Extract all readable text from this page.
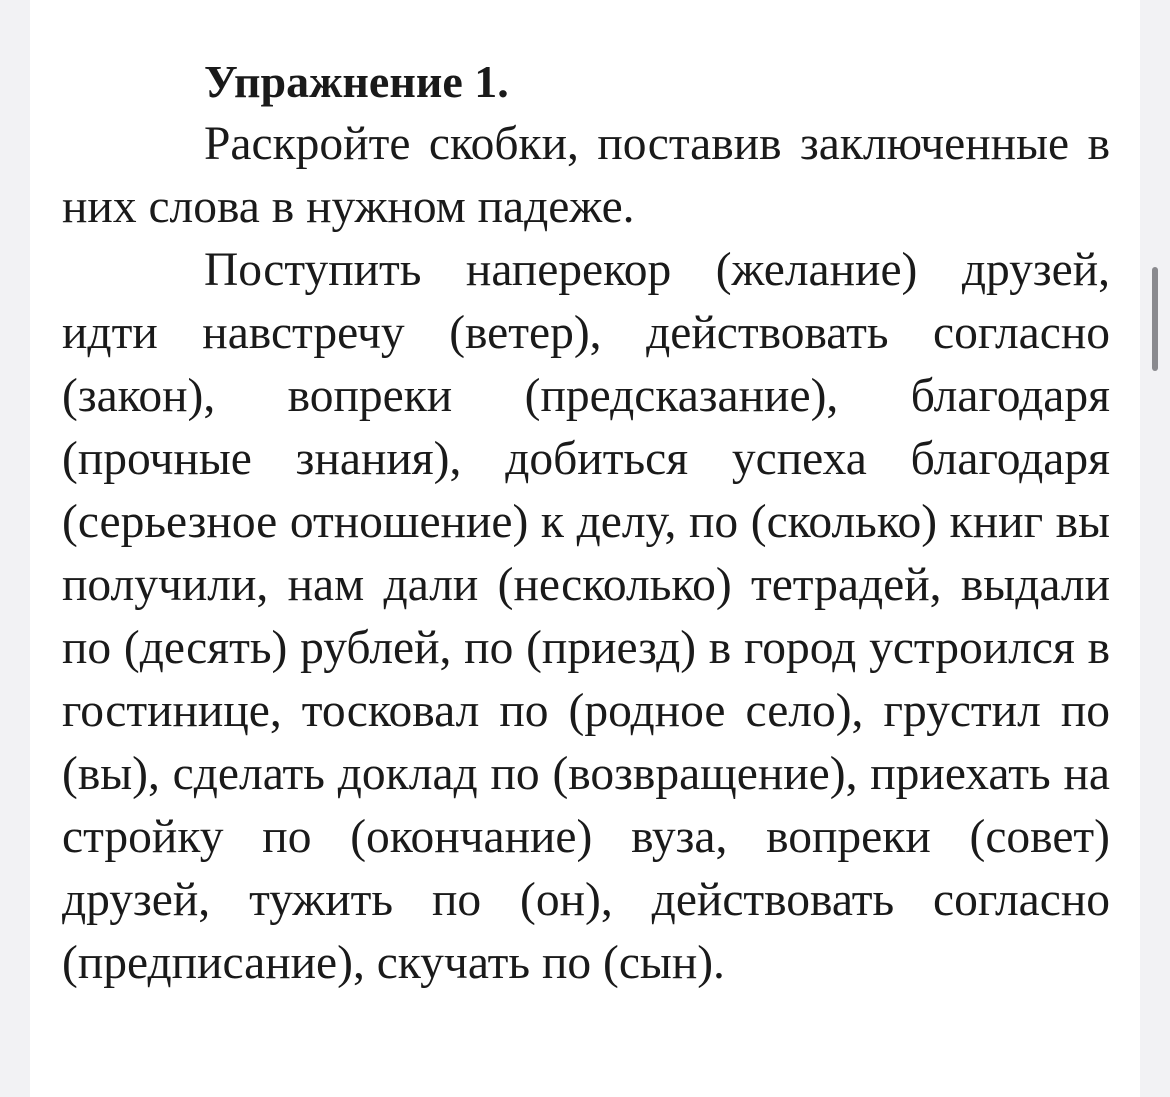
Упражнение 1.

Раскройте скобки, поставив заключенные в них слова в нужном падеже.

Поступить наперекор (желание) друзей, идти навстречу (ветер), действовать согласно (закон), вопреки (предсказание), благодаря (прочные знания), добиться успеха благодаря (серьезное отношение) к делу, по (сколько) книг вы получили, нам дали (несколько) тетрадей, выдали по (десять) рублей, по (приезд) в город устроился в гостинице, тосковал по (родное село), грустил по (вы), сделать доклад по (возвращение), приехать на стройку по (окончание) вуза, вопреки (совет) друзей, тужить по (он), действовать согласно (предписание), скучать по (сын).
